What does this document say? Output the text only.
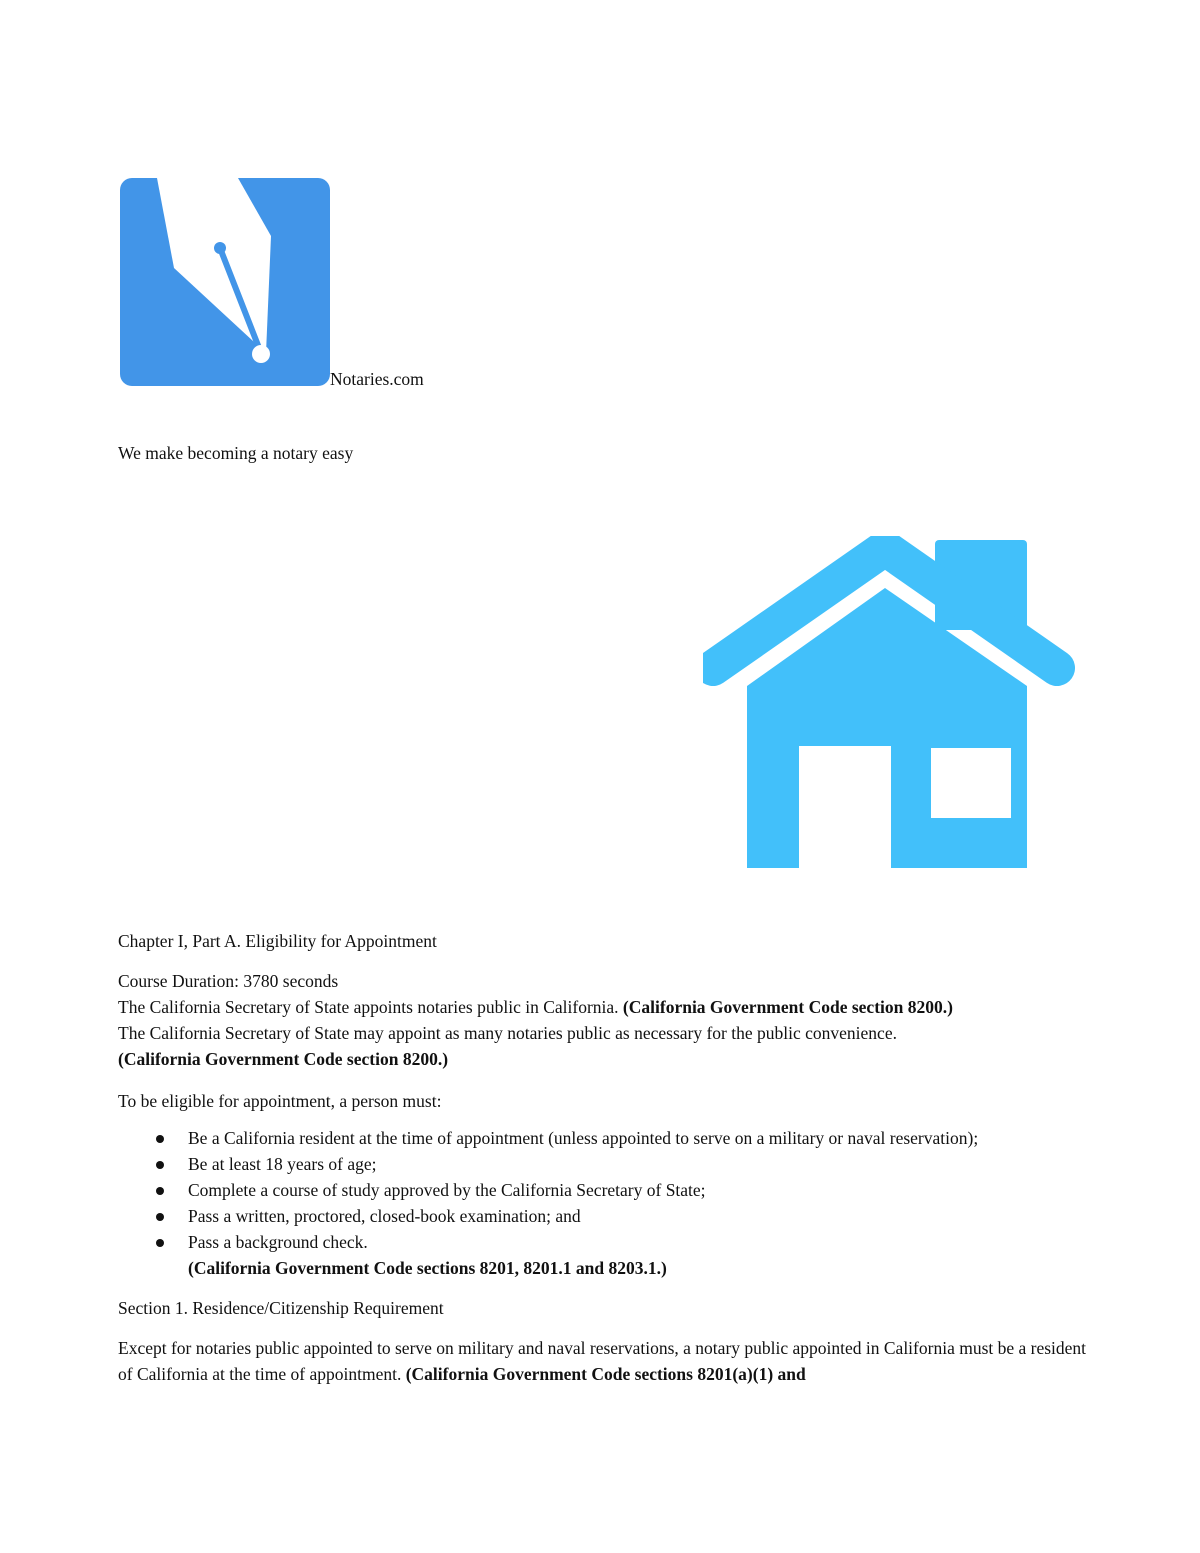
Notaries.com
We make becoming a notary easy
Chapter I, Part A. Eligibility for Appointment

Course Duration: 3780 seconds
The California Secretary of State appoints notaries public in California. (California Government Code section 8200.)
The California Secretary of State may appoint as many notaries public as necessary for the public convenience.
(California Government Code section 8200.)

To be eligible for appointment, a person must:

Be a California resident at the time of appointment (unless appointed to serve on a military or naval reservation);
Be at least 18 years of age;
Complete a course of study approved by the California Secretary of State;
Pass a written, proctored, closed-book examination; and
Pass a background check.
(California Government Code sections 8201, 8201.1 and 8203.1.)

Section 1. Residence/Citizenship Requirement

Except for notaries public appointed to serve on military and naval reservations, a notary public appointed in California must be a resident of California at the time of appointment. (California Government Code sections 8201(a)(1) and
